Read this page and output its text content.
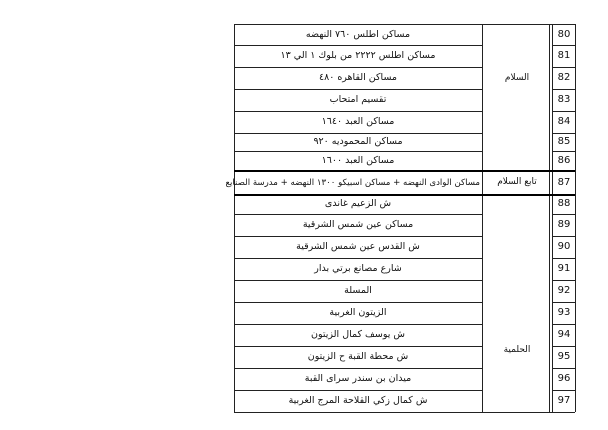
80
مساكن اطلس ٧٦٠ النهضه
81
مساكن اطلس ٢٢٢٢ من بلوك ١ الي ١٣
82
مساكن القاهره ٤٨٠
83
تقسيم امتحاب
84
مساكن العبد ١٦٤٠
85
مساكن المحموديه ٩٢٠
86
مساكن العبد ١٦٠٠
87
مساكن الوادى النهضه + مساكن اسبيكو ١٣٠٠ النهضه + مدرسة الصنايع
88
ش الزعيم غاندى
89
مساكن عين شمس الشرقية
90
ش القدس عين شمس الشرقية
91
شارع مصانع برتي بدار
92
المسلة
93
الزيتون الغربية
94
ش يوسف كمال الزيتون
95
ش محطة القبة ح الزيتون
96
ميدان بن سندر سراى القبة
97
ش كمال زكي القلاحة المرج الغربية
السلام
تابع السلام
الحلمية
